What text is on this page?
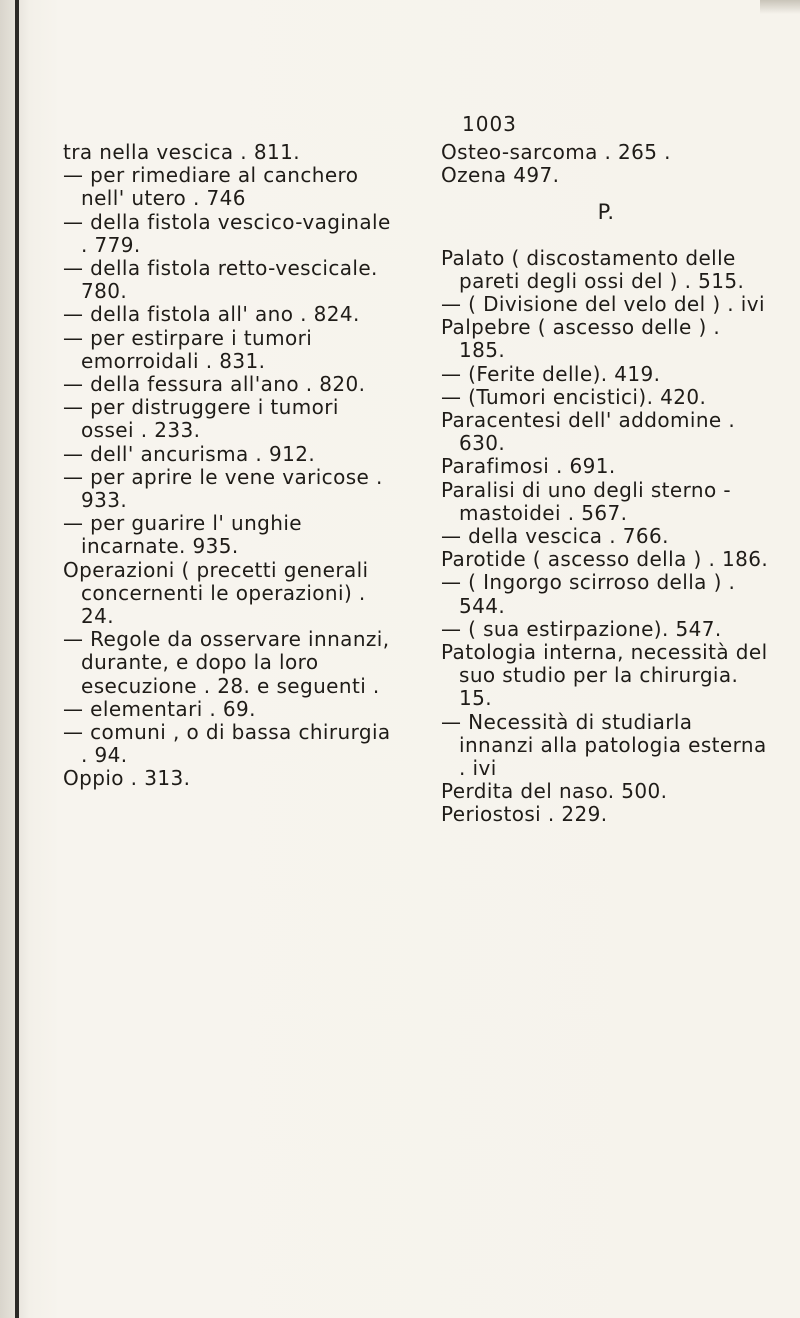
1003

tra nella vescica . 811.

— per rimediare al canchero nell' utero . 746

— della fistola vescico-vaginale . 779.

— della fistola retto-vescicale. 780.

— della fistola all' ano . 824.

— per estirpare i tumori emorroidali . 831.

— della fessura all'ano . 820.

— per distruggere i tumori ossei . 233.

— dell' ancurisma . 912.

— per aprire le vene varicose . 933.

— per guarire l' unghie incarnate. 935.

Operazioni ( precetti generali concernenti le operazioni) . 24.

— Regole da osservare innanzi, durante, e dopo la loro esecuzione . 28. e seguenti .

— elementari . 69.

— comuni , o di bassa chirurgia . 94.

Oppio . 313.

Osteo-sarcoma . 265 .

Ozena 497.

P.

Palato ( discostamento delle pareti degli ossi del ) . 515.

— ( Divisione del velo del ) . ivi

Palpebre ( ascesso delle ) . 185.

— (Ferite delle). 419.

— (Tumori encistici). 420.

Paracentesi dell' addomine . 630.

Parafimosi . 691.

Paralisi di uno degli sterno - mastoidei . 567.

— della vescica . 766.

Parotide ( ascesso della ) . 186.

— ( Ingorgo scirroso della ) . 544.

— ( sua estirpazione). 547.

Patologia interna, necessità del suo studio per la chirurgia. 15.

— Necessità di studiarla innanzi alla patologia esterna . ivi

Perdita del naso. 500.

Periostosi . 229.
